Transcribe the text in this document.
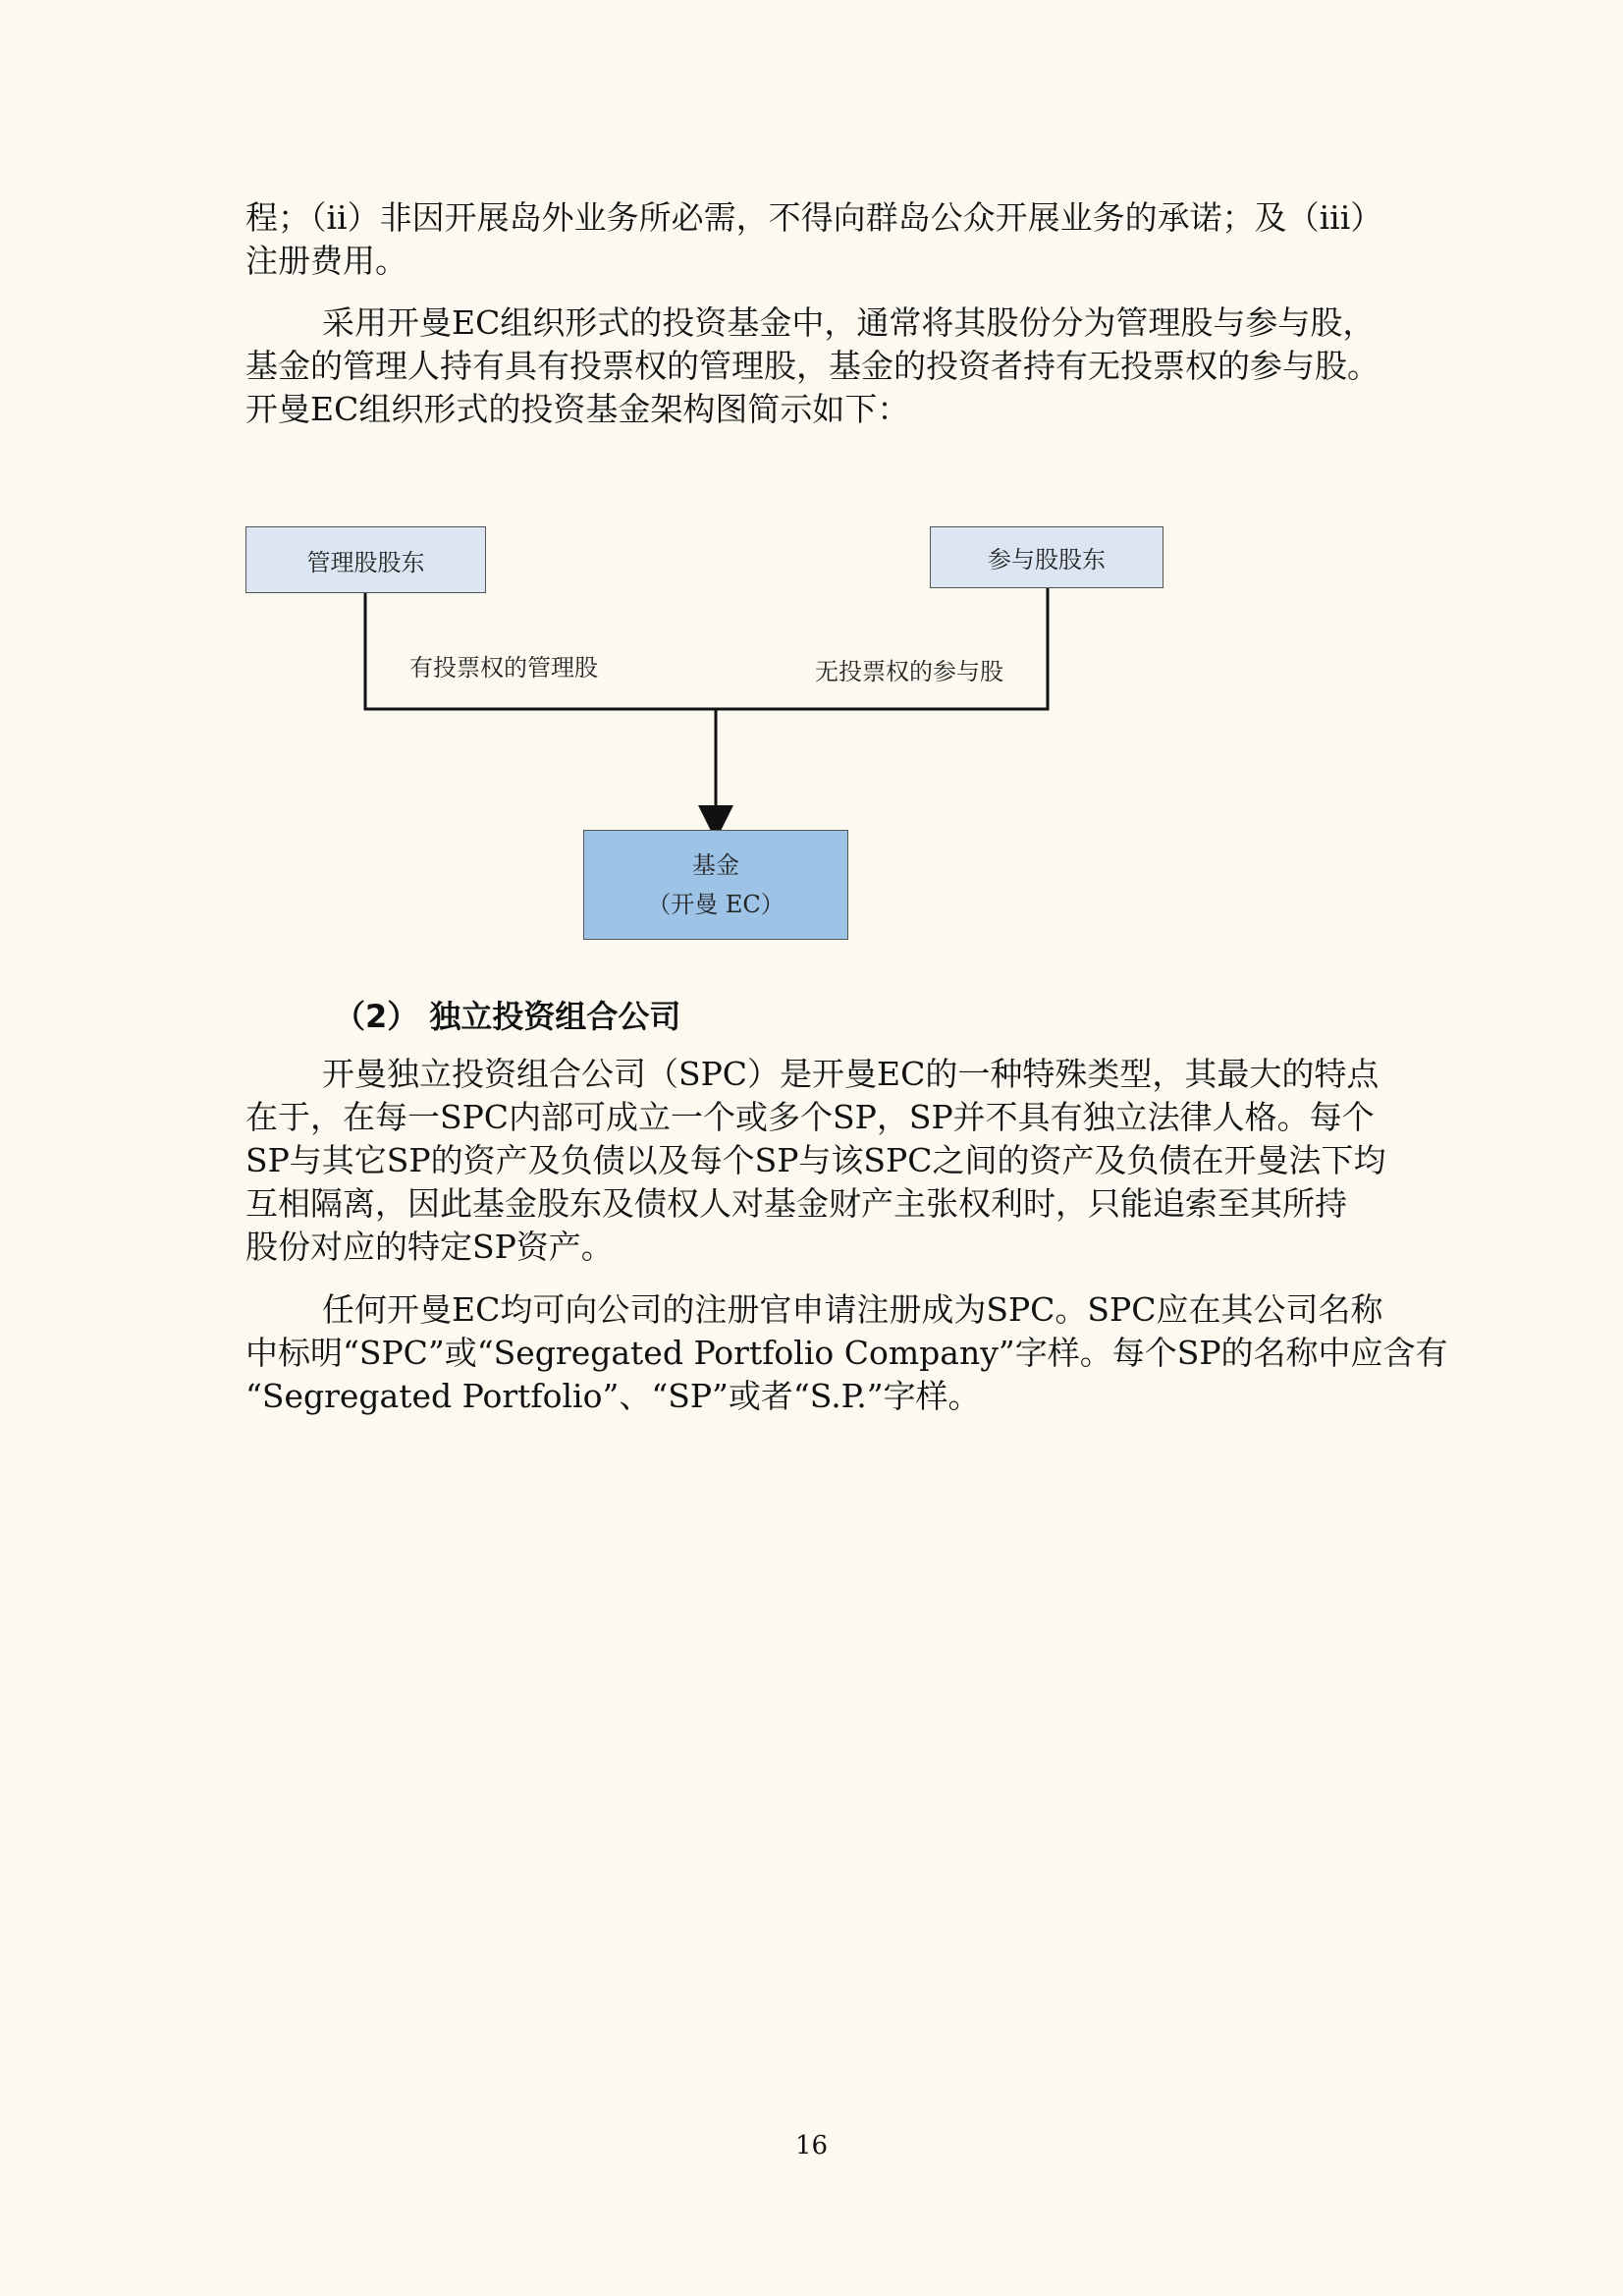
程；（ii）非因开展岛外业务所必需，不得向群岛公众开展业务的承诺；及（iii）
注册费用。

采用开曼EC组织形式的投资基金中，通常将其股份分为管理股与参与股，
基金的管理人持有具有投票权的管理股，基金的投资者持有无投票权的参与股。
开曼EC组织形式的投资基金架构图简示如下：

管理股股东	参与股股东
有投票权的管理股	无投票权的参与股
基金
（开曼 EC）
（2） 独立投资组合公司

开曼独立投资组合公司（SPC）是开曼EC的一种特殊类型，其最大的特点
在于，在每一SPC内部可成立一个或多个SP，SP并不具有独立法律人格。每个
SP与其它SP的资产及负债以及每个SP与该SPC之间的资产及负债在开曼法下均
互相隔离，因此基金股东及债权人对基金财产主张权利时，只能追索至其所持
股份对应的特定SP资产。

任何开曼EC均可向公司的注册官申请注册成为SPC。SPC应在其公司名称
中标明“SPC”或“Segregated Portfolio Company”字样。每个SP的名称中应含有
“Segregated Portfolio”、“SP”或者“S.P.”字样。

16
